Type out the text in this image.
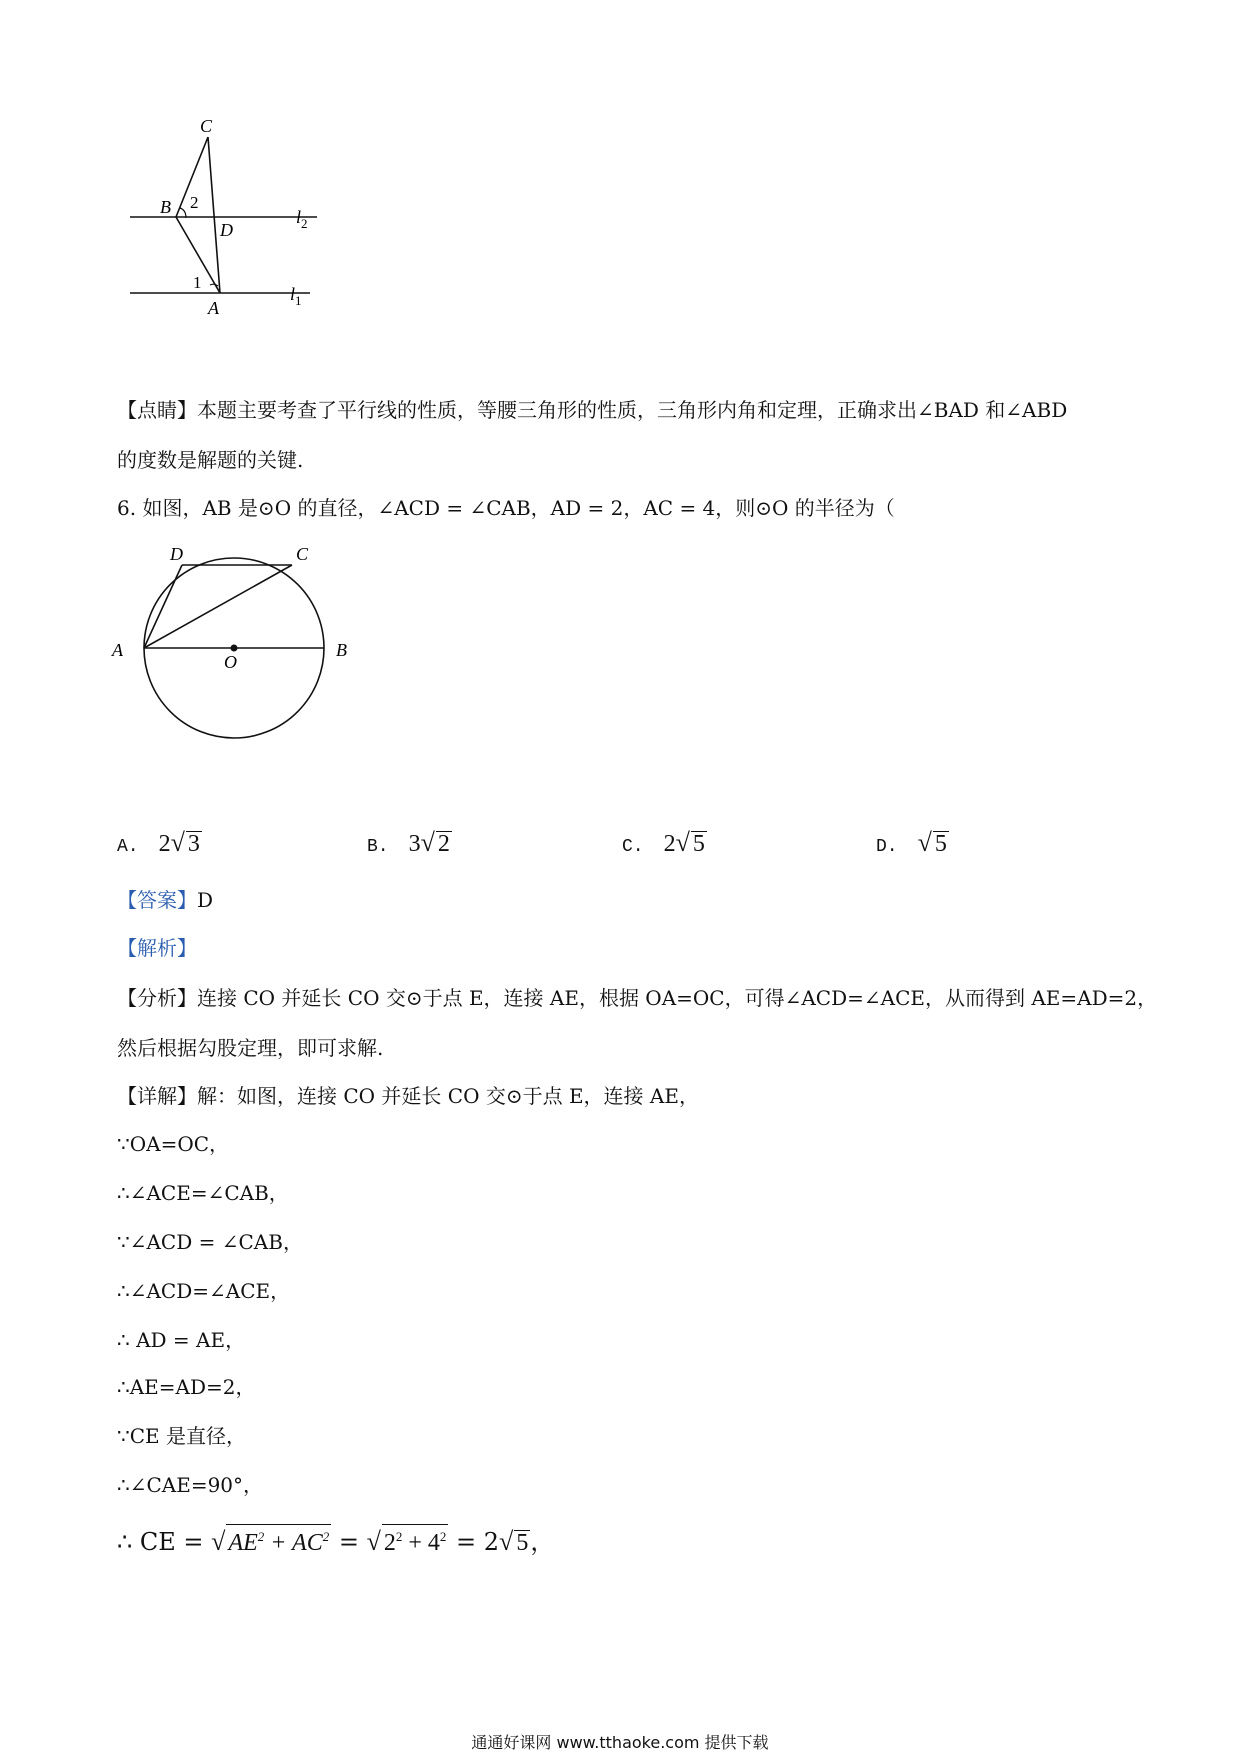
C
B 2
D
1
A
$l_2$
$l_1$
【点睛】本题主要考查了平行线的性质，等腰三角形的性质，三角形内角和定理，正确求出∠BAD 和∠ABD
的度数是解题的关键.
6. 如图，AB 是⊙O 的直径，∠ACD = ∠CAB，AD = 2，AC = 4，则⊙O 的半径为（
D	C
A
O
B
A. 2√ 3	B. 3√ 2	C. 2√ 5	D. √ 5
【答案】D
【解析】
【分析】连接 CO 并延长 CO 交⊙于点 E，连接 AE，根据 OA=OC，可得∠ACD=∠ACE，从而得到 AE=AD=2，
然后根据勾股定理，即可求解.
【详解】解：如图，连接 CO 并延长 CO 交⊙于点 E，连接 AE，
∵OA=OC，
∴∠ACE=∠CAB，
∵∠ACD = ∠CAB，
∴∠ACD=∠ACE，
∴ AD = AE，
∴AE=AD=2，
∵CE 是直径，
∴∠CAE=90°，
∴ CE = √ $AE^2 + AC^2$ = √ $2^2 + 4^2 = 2√$ 5，
通通好课网 www.tthaoke.com 提供下载
